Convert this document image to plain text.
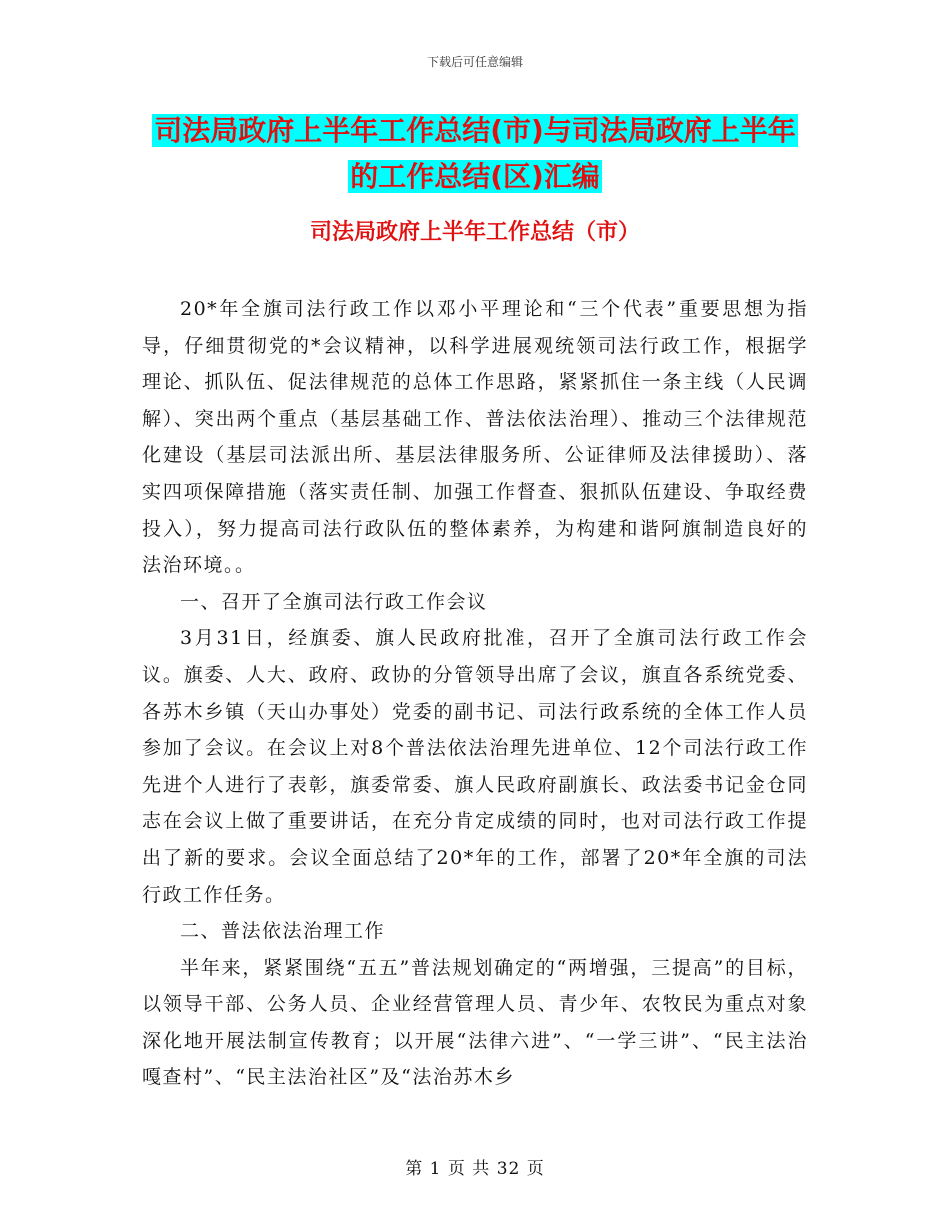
下载后可任意编辑
司法局政府上半年工作总结(市)与司法局政府上半年
的工作总结(区)汇编
司法局政府上半年工作总结（市）

20*年全旗司法行政工作以邓小平理论和“三个代表”重要思想为指导，仔细贯彻党的*会议精神，以科学进展观统领司法行政工作，根据学理论、抓队伍、促法律规范的总体工作思路，紧紧抓住一条主线（人民调解）、突出两个重点（基层基础工作、普法依法治理）、推动三个法律规范化建设（基层司法派出所、基层法律服务所、公证律师及法律援助）、落实四项保障措施（落实责任制、加强工作督查、狠抓队伍建设、争取经费投入），努力提高司法行政队伍的整体素养，为构建和谐阿旗制造良好的法治环境。。

一、召开了全旗司法行政工作会议

3月31日，经旗委、旗人民政府批准，召开了全旗司法行政工作会议。旗委、人大、政府、政协的分管领导出席了会议，旗直各系统党委、各苏木乡镇（天山办事处）党委的副书记、司法行政系统的全体工作人员参加了会议。在会议上对8个普法依法治理先进单位、12个司法行政工作先进个人进行了表彰，旗委常委、旗人民政府副旗长、政法委书记金仓同志在会议上做了重要讲话，在充分肯定成绩的同时，也对司法行政工作提出了新的要求。会议全面总结了20*年的工作，部署了20*年全旗的司法行政工作任务。

二、普法依法治理工作

半年来，紧紧围绕“五五”普法规划确定的“两增强，三提高”的目标，以领导干部、公务人员、企业经营管理人员、青少年、农牧民为重点对象深化地开展法制宣传教育；以开展“法律六进”、“一学三讲”、“民主法治嘎查村”、“民主法治社区”及“法治苏木乡

第 1 页 共 32 页
